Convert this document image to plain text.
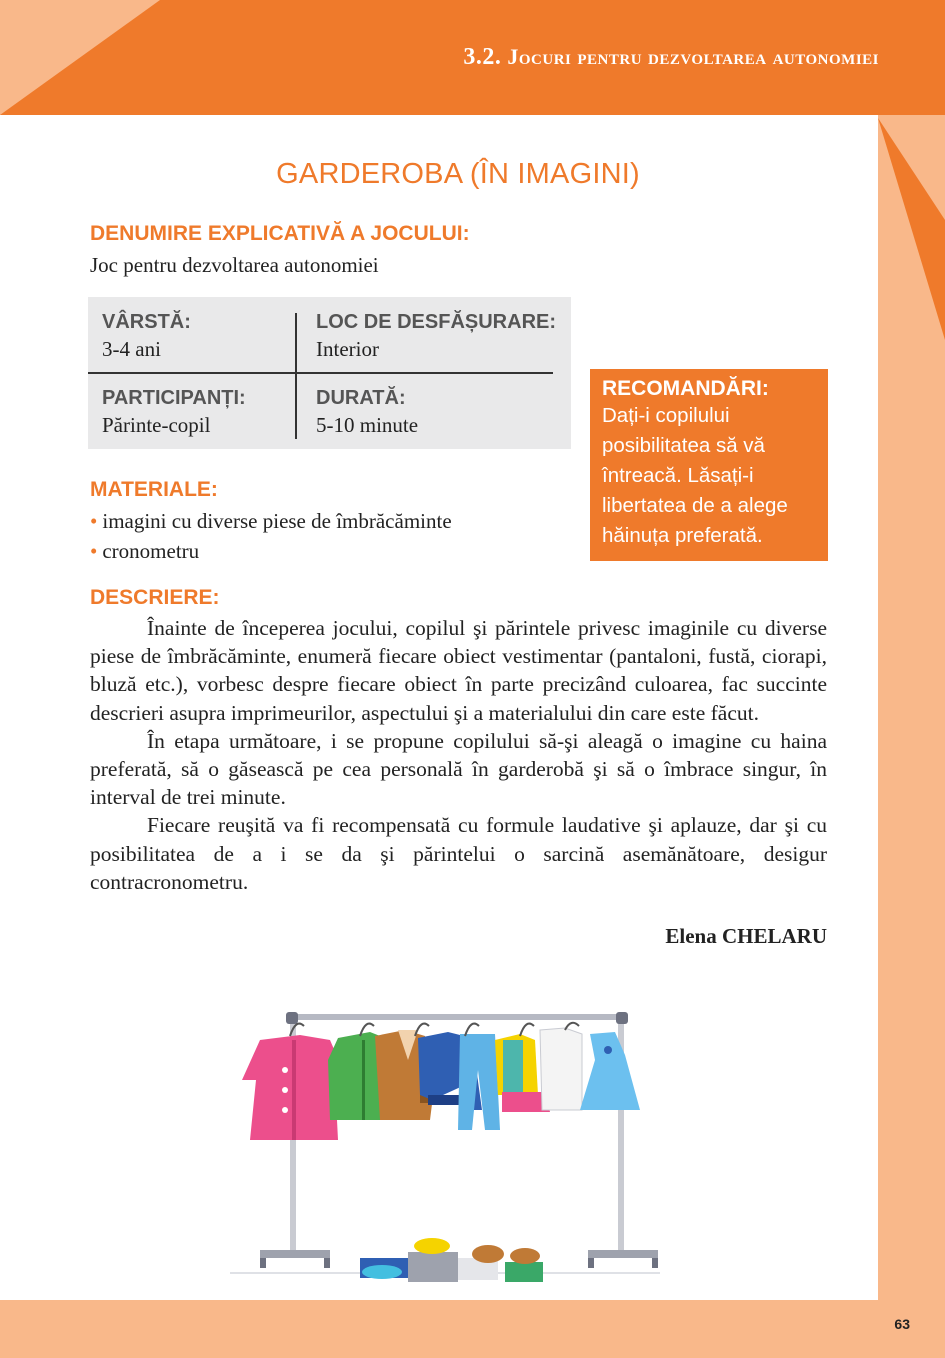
3.2. Jocuri pentru dezvoltarea autonomiei
GARDEROBA (ÎN IMAGINI)
DENUMIRE EXPLICATIVĂ A JOCULUI:
Joc pentru dezvoltarea autonomiei
VÂRSTĂ:
3-4 ani
LOC DE DESFĂȘURARE:
Interior
PARTICIPANȚI:
Părinte-copil
DURATĂ:
5-10 minute
RECOMANDĂRI:
Dați-i copilului posibilitatea să vă întreacă. Lăsați-i libertatea de a alege hăinuța preferată.
MATERIALE:
• imagini cu diverse piese de îmbrăcăminte
• cronometru
DESCRIERE:

Înainte de începerea jocului, copilul şi părintele privesc imaginile cu diverse piese de îmbrăcăminte, enumeră fiecare obiect vestimentar (pantaloni, fustă, ciorapi, bluză etc.), vorbesc despre fiecare obiect în parte precizând culoarea, fac succinte descrieri asupra imprimeurilor, aspectului şi a materialului din care este făcut.

În etapa următoare, i se propune copilului să-şi aleagă o imagine cu haina preferată, să o găsească pe cea personală în garderobă şi să o îmbrace singur, în interval de trei minute.

Fiecare reuşită va fi recompensată cu formule laudative şi aplauze, dar şi cu posibilitatea de a i se da şi părintelui o sarcină asemănătoare, desigur contracronometru.

Elena CHELARU
63
